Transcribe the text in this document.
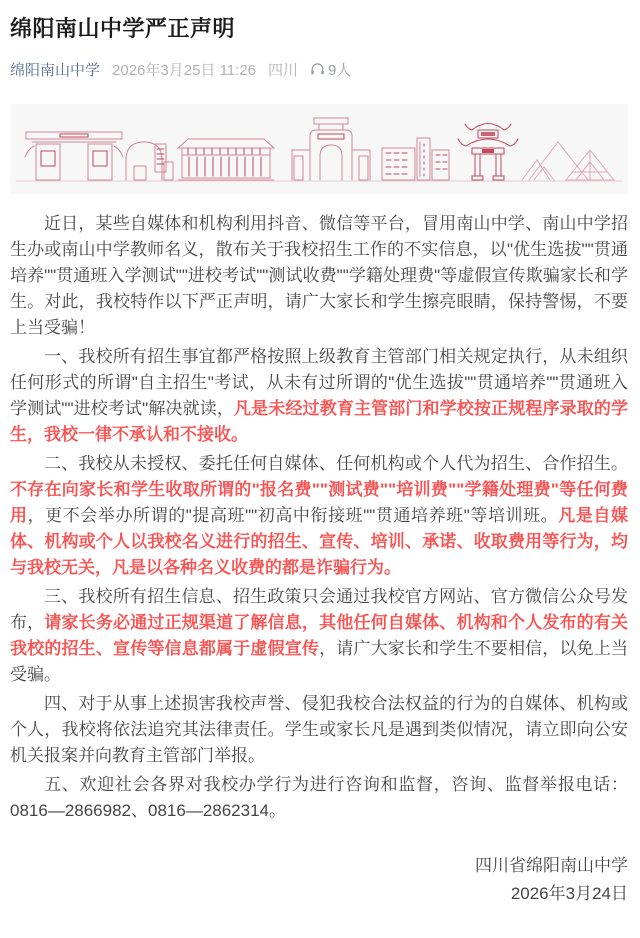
绵阳南山中学严正声明
绵阳南山中学 2026年3月25日 11:26 四川 9人

近日，某些自媒体和机构利用抖音、微信等平台，冒用南山中学、南山中学招生办或南山中学教师名义，散布关于我校招生工作的不实信息，以"优生选拔""贯通培养""贯通班入学测试""进校考试""测试收费""学籍处理费"等虚假宣传欺骗家长和学生。对此，我校特作以下严正声明，请广大家长和学生擦亮眼睛，保持警惕，不要上当受骗！

一、我校所有招生事宜都严格按照上级教育主管部门相关规定执行，从未组织任何形式的所谓"自主招生"考试，从未有过所谓的"优生选拔""贯通培养""贯通班入学测试""进校考试"解决就读，凡是未经过教育主管部门和学校按正规程序录取的学生，我校一律不承认和不接收。

二、我校从未授权、委托任何自媒体、任何机构或个人代为招生、合作招生。不存在向家长和学生收取所谓的"报名费""测试费""培训费""学籍处理费"等任何费用，更不会举办所谓的"提高班""初高中衔接班""贯通培养班"等培训班。凡是自媒体、机构或个人以我校名义进行的招生、宣传、培训、承诺、收取费用等行为，均与我校无关，凡是以各种名义收费的都是诈骗行为。

三、我校所有招生信息、招生政策只会通过我校官方网站、官方微信公众号发布，请家长务必通过正规渠道了解信息，其他任何自媒体、机构和个人发布的有关我校的招生、宣传等信息都属于虚假宣传，请广大家长和学生不要相信，以免上当受骗。

四、对于从事上述损害我校声誉、侵犯我校合法权益的行为的自媒体、机构或个人，我校将依法追究其法律责任。学生或家长凡是遇到类似情况，请立即向公安机关报案并向教育主管部门举报。

五、欢迎社会各界对我校办学行为进行咨询和监督，咨询、监督举报电话：0816—2866982、0816—2862314。

四川省绵阳南山中学

2026年3月24日
